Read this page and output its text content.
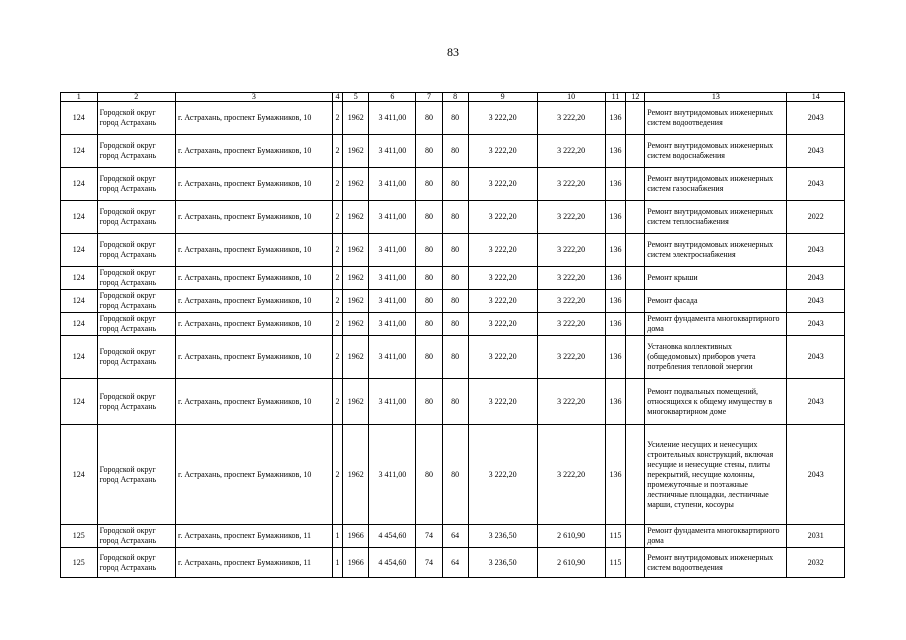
83
1	2	3	4	5	6	7	8	9	10	11	12	13	14
124	Городской округ город Астрахань	г. Астрахань, проспект Бумажников, 10	2	1962	3 411,00	80	80	3 222,20	3 222,20	136		Ремонт внутридомовых инженерных систем водоотведения	2043
124	Городской округ город Астрахань	г. Астрахань, проспект Бумажников, 10	2	1962	3 411,00	80	80	3 222,20	3 222,20	136		Ремонт внутридомовых инженерных систем водоснабжения	2043
124	Городской округ город Астрахань	г. Астрахань, проспект Бумажников, 10	2	1962	3 411,00	80	80	3 222,20	3 222,20	136		Ремонт внутридомовых инженерных систем газоснабжения	2043
124	Городской округ город Астрахань	г. Астрахань, проспект Бумажников, 10	2	1962	3 411,00	80	80	3 222,20	3 222,20	136		Ремонт внутридомовых инженерных систем теплоснабжения	2022
124	Городской округ город Астрахань	г. Астрахань, проспект Бумажников, 10	2	1962	3 411,00	80	80	3 222,20	3 222,20	136		Ремонт внутридомовых инженерных систем электроснабжения	2043
124	Городской округ город Астрахань	г. Астрахань, проспект Бумажников, 10	2	1962	3 411,00	80	80	3 222,20	3 222,20	136		Ремонт крыши	2043
124	Городской округ город Астрахань	г. Астрахань, проспект Бумажников, 10	2	1962	3 411,00	80	80	3 222,20	3 222,20	136		Ремонт фасада	2043
124	Городской округ город Астрахань	г. Астрахань, проспект Бумажников, 10	2	1962	3 411,00	80	80	3 222,20	3 222,20	136		Ремонт фундамента многоквартирного дома	2043
124	Городской округ город Астрахань	г. Астрахань, проспект Бумажников, 10	2	1962	3 411,00	80	80	3 222,20	3 222,20	136		Установка коллективных (общедомовых) приборов учета потребления тепловой энергии	2043
124	Городской округ город Астрахань	г. Астрахань, проспект Бумажников, 10	2	1962	3 411,00	80	80	3 222,20	3 222,20	136		Ремонт подвальных помещений, относящихся к общему имуществу в многоквартирном доме	2043
124	Городской округ город Астрахань	г. Астрахань, проспект Бумажников, 10	2	1962	3 411,00	80	80	3 222,20	3 222,20	136		Усиление несущих и ненесущих строительных конструкций, включая несущие и ненесущие стены, плиты перекрытий, несущие колонны, промежуточные и поэтажные лестничные площадки, лестничные марши, ступени, косоуры	2043
125	Городской округ город Астрахань	г. Астрахань, проспект Бумажников, 11	1	1966	4 454,60	74	64	3 236,50	2 610,90	115		Ремонт фундамента многоквартирного дома	2031
125	Городской округ город Астрахань	г. Астрахань, проспект Бумажников, 11	1	1966	4 454,60	74	64	3 236,50	2 610,90	115		Ремонт внутридомовых инженерных систем водоотведения	2032
